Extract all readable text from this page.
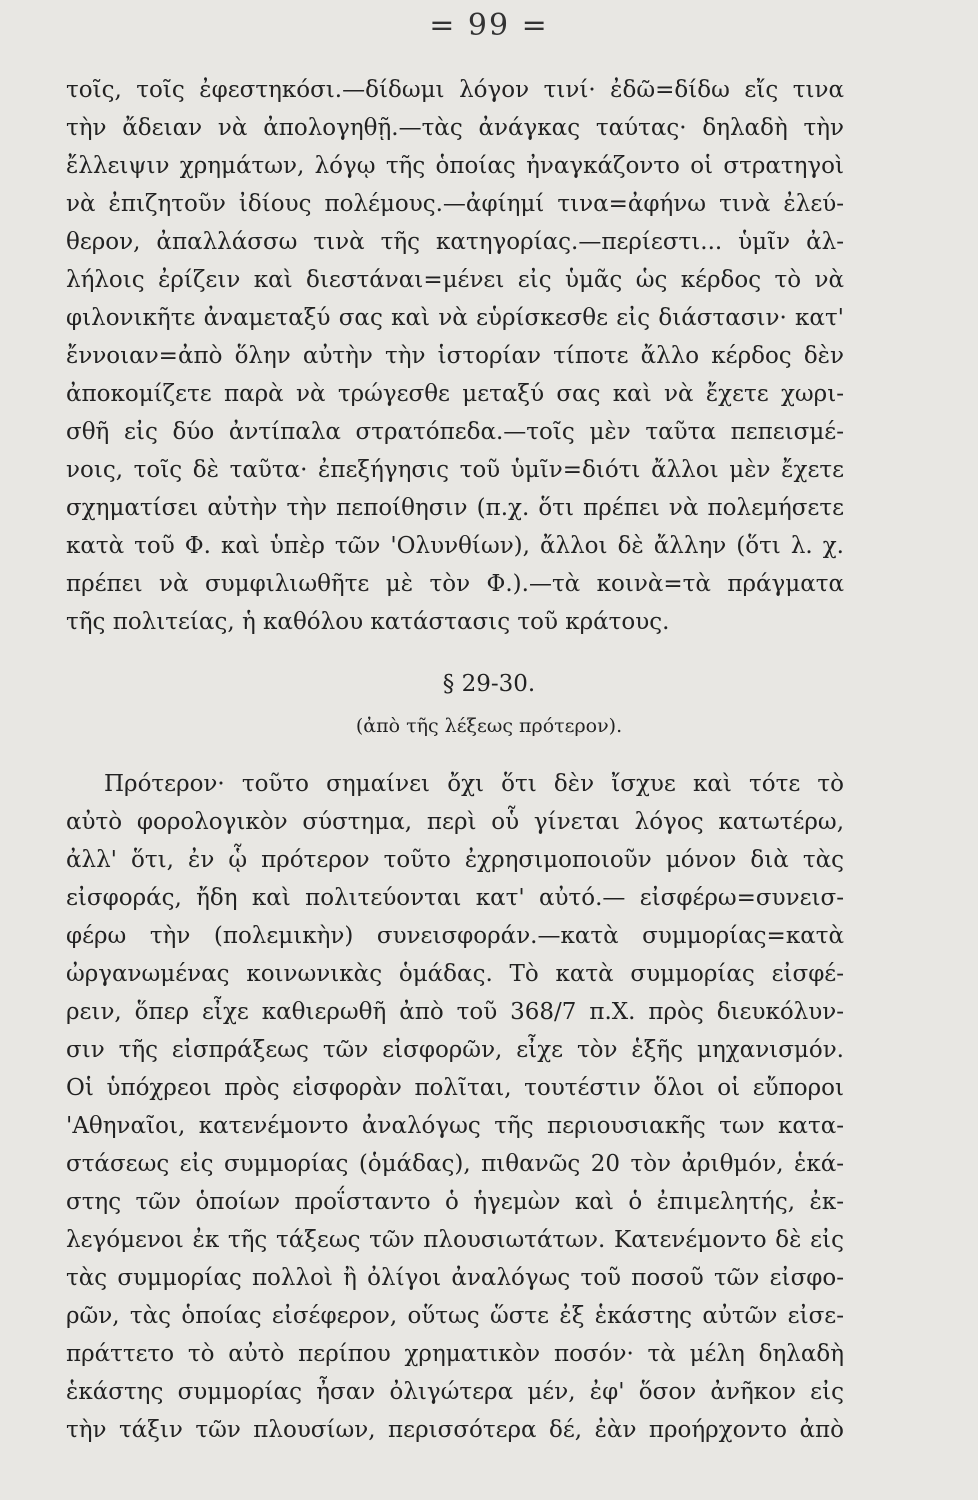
= 99 =
τοῖς, τοῖς ἐφεστηκόσι.—δίδωμι λόγον τινί· ἐδῶ=δίδω εἴς τινα
τὴν ἄδειαν νὰ ἀπολογηθῇ.—τὰς ἀνάγκας ταύτας· δηλαδὴ τὴν
ἔλλειψιν χρημάτων, λόγῳ τῆς ὁποίας ἠναγκάζοντο οἱ στρατηγοὶ
νὰ ἐπιζητοῦν ἰδίους πολέμους.—ἀφίημί τινα=ἀφήνω τινὰ ἐλεύ-
θερον, ἀπαλλάσσω τινὰ τῆς κατηγορίας.—περίεστι... ὑμῖν ἀλ-
λήλοις ἐρίζειν καὶ διεστάναι=μένει εἰς ὑμᾶς ὡς κέρδος τὸ νὰ
φιλονικῆτε ἀναμεταξύ σας καὶ νὰ εὑρίσκεσθε εἰς διάστασιν· κατ'
ἔννοιαν=ἀπὸ ὅλην αὐτὴν τὴν ἱστορίαν τίποτε ἄλλο κέρδος δὲν
ἀποκομίζετε παρὰ νὰ τρώγεσθε μεταξύ σας καὶ νὰ ἔχετε χωρι-
σθῆ εἰς δύο ἀντίπαλα στρατόπεδα.—τοῖς μὲν ταῦτα πεπεισμέ-
νοις, τοῖς δὲ ταῦτα· ἐπεξήγησις τοῦ ὑμῖν=διότι ἄλλοι μὲν ἔχετε
σχηματίσει αὐτὴν τὴν πεποίθησιν (π.χ. ὅτι πρέπει νὰ πολεμήσετε
κατὰ τοῦ Φ. καὶ ὑπὲρ τῶν 'Ολυνθίων), ἄλλοι δὲ ἄλλην (ὅτι λ. χ.
πρέπει νὰ συμφιλιωθῆτε μὲ τὸν Φ.).—τὰ κοινὰ=τὰ πράγματα
τῆς πολιτείας, ἡ καθόλου κατάστασις τοῦ κράτους.
§ 29-30.
(ἀπὸ τῆς λέξεως πρότερον).
Πρότερον· τοῦτο σημαίνει ὄχι ὅτι δὲν ἴσχυε καὶ τότε τὸ
αὐτὸ φορολογικὸν σύστημα, περὶ οὗ γίνεται λόγος κατωτέρω,
ἀλλ' ὅτι, ἐν ᾧ πρότερον τοῦτο ἐχρησιμοποιοῦν μόνον διὰ τὰς
εἰσφοράς, ἤδη καὶ πολιτεύονται κατ' αὐτό.— εἰσφέρω=συνεισ-
φέρω τὴν (πολεμικὴν) συνεισφοράν.—κατὰ συμμορίας=κατὰ
ὠργανωμένας κοινωνικὰς ὁμάδας. Τὸ κατὰ συμμορίας εἰσφέ-
ρειν, ὅπερ εἶχε καθιερωθῆ ἀπὸ τοῦ 368/7 π.Χ. πρὸς διευκόλυν-
σιν τῆς εἰσπράξεως τῶν εἰσφορῶν, εἶχε τὸν ἑξῆς μηχανισμόν.
Οἱ ὑπόχρεοι πρὸς εἰσφορὰν πολῖται, τουτέστιν ὅλοι οἱ εὔποροι
'Αθηναῖοι, κατενέμοντο ἀναλόγως τῆς περιουσιακῆς των κατα-
στάσεως εἰς συμμορίας (ὁμάδας), πιθανῶς 20 τὸν ἀριθμόν, ἑκά-
στης τῶν ὁποίων προΐσταντο ὁ ἡγεμὼν καὶ ὁ ἐπιμελητής, ἐκ-
λεγόμενοι ἐκ τῆς τάξεως τῶν πλουσιωτάτων. Κατενέμοντο δὲ εἰς
τὰς συμμορίας πολλοὶ ἢ ὀλίγοι ἀναλόγως τοῦ ποσοῦ τῶν εἰσφο-
ρῶν, τὰς ὁποίας εἰσέφερον, οὕτως ὥστε ἐξ ἑκάστης αὐτῶν εἰσε-
πράττετο τὸ αὐτὸ περίπου χρηματικὸν ποσόν· τὰ μέλη δηλαδὴ
ἑκάστης συμμορίας ἦσαν ὀλιγώτερα μέν, ἐφ' ὅσον ἀνῆκον εἰς
τὴν τάξιν τῶν πλουσίων, περισσότερα δέ, ἐὰν προήρχοντο ἀπὸ
